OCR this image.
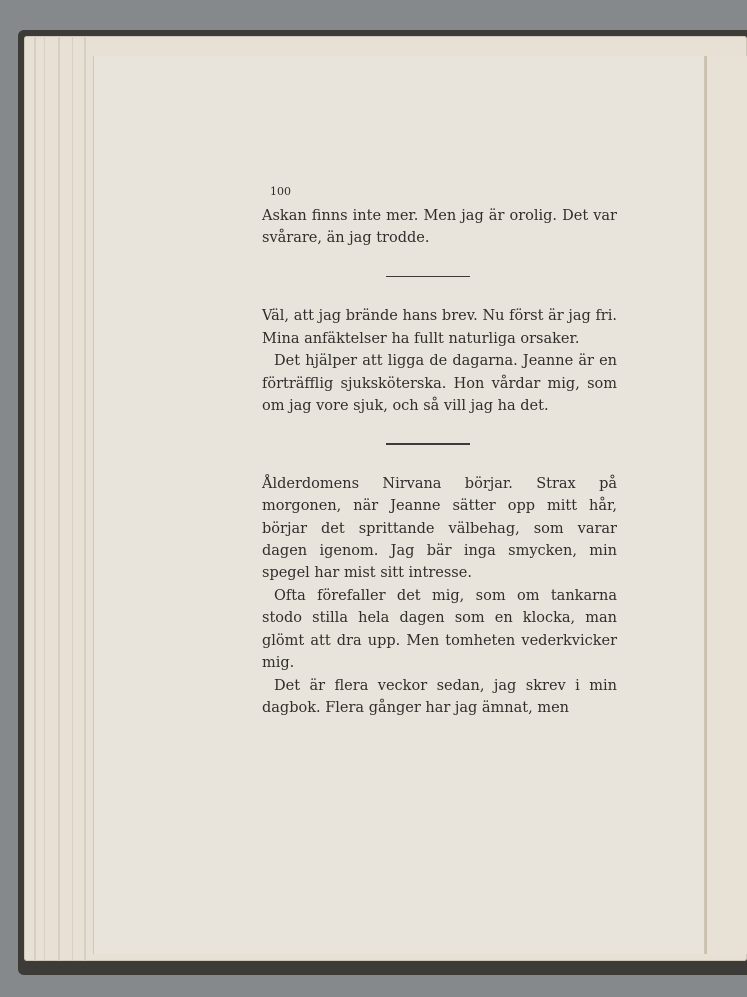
100

Askan finns inte mer. Men jag är orolig. Det var svårare, än jag trodde.

Väl, att jag brände hans brev. Nu först är jag fri. Mina anfäktelser ha fullt naturliga orsaker.

Det hjälper att ligga de dagarna. Jeanne är en förträfflig sjuksköterska. Hon vårdar mig, som om jag vore sjuk, och så vill jag ha det.

Ålderdomens Nirvana börjar. Strax på morgonen, när Jeanne sätter opp mitt hår, börjar det sprittande välbehag, som varar dagen igenom. Jag bär inga smycken, min spegel har mist sitt intresse.

Ofta förefaller det mig, som om tankarna stodo stilla hela dagen som en klocka, man glömt att dra upp. Men tomheten vederkvicker mig.

Det är flera veckor sedan, jag skrev i min dagbok. Flera gånger har jag ämnat, men
